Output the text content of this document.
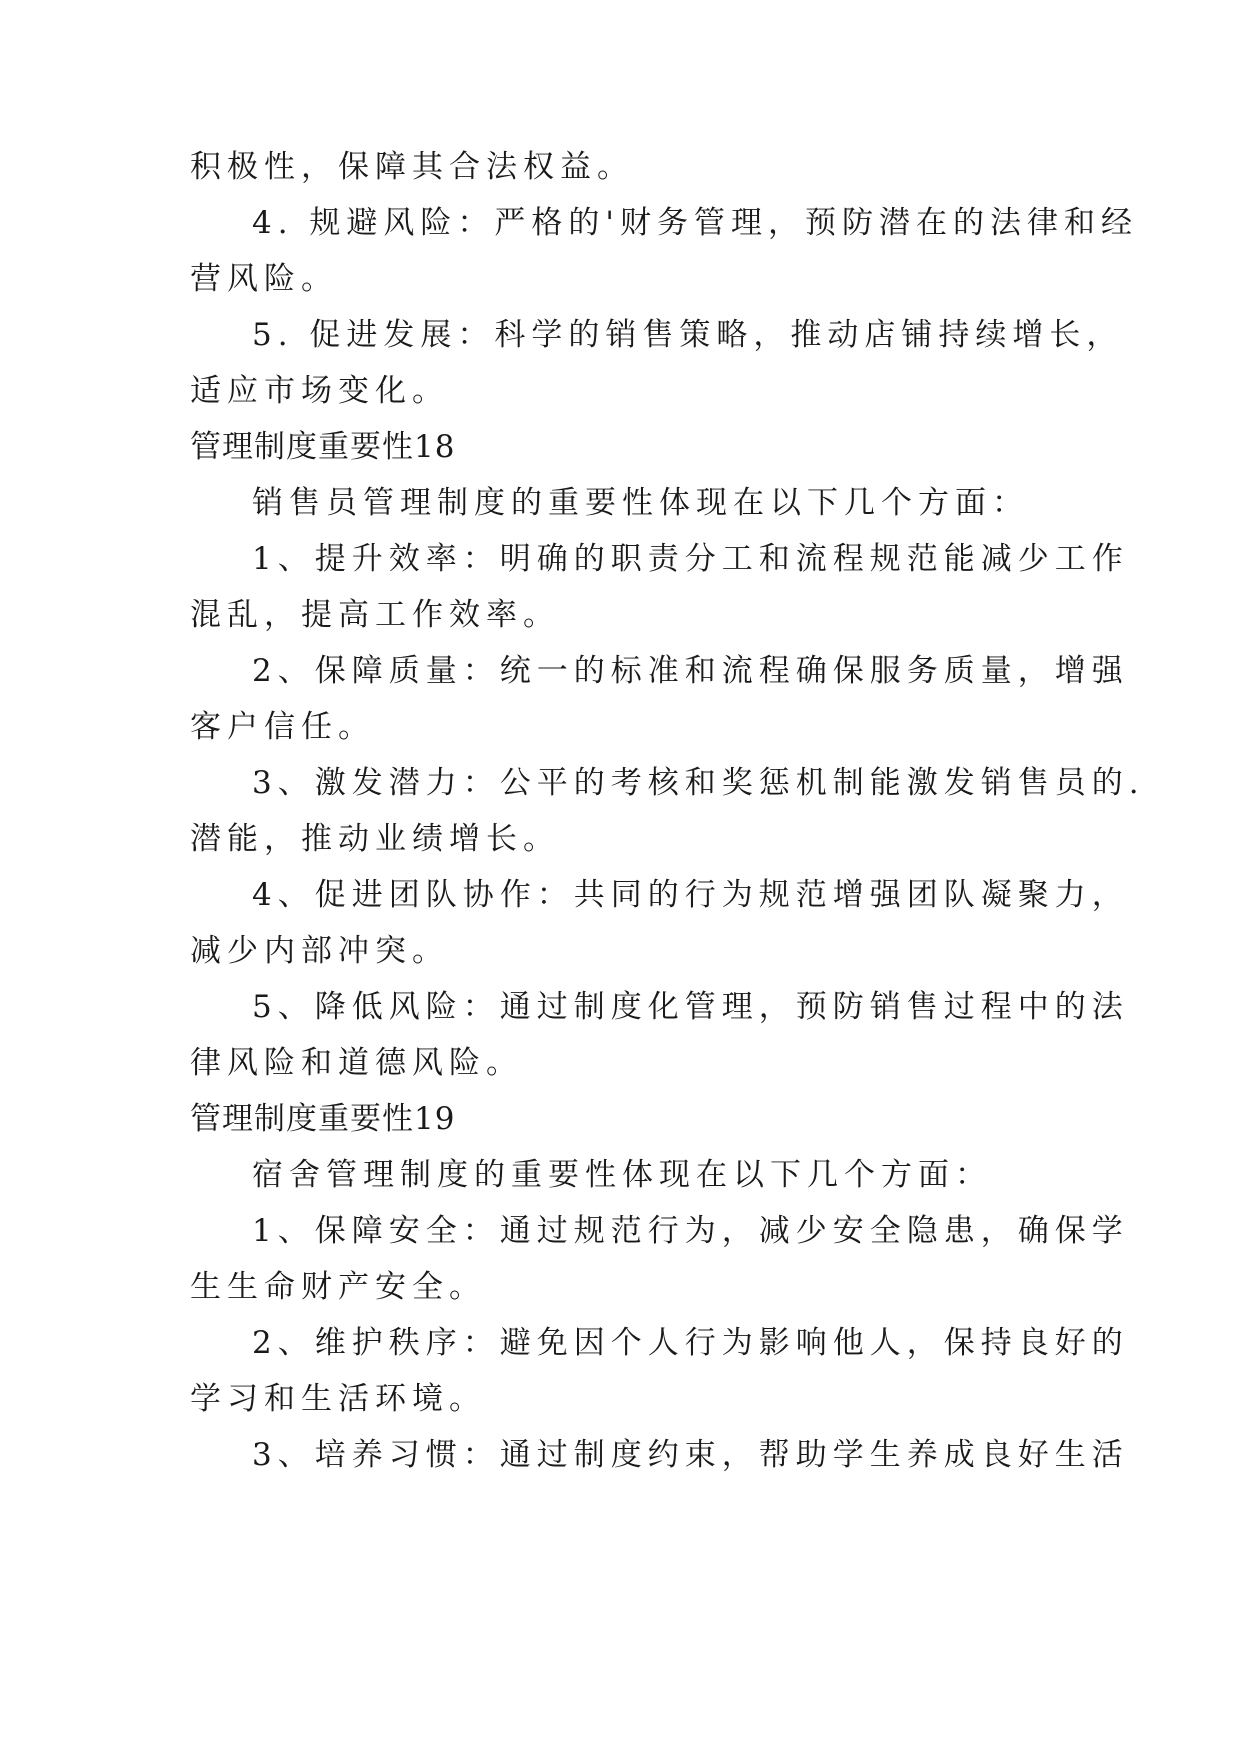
积极性，保障其合法权益。

4. 规避风险：严格的'财务管理，预防潜在的法律和经

营风险。

5. 促进发展：科学的销售策略，推动店铺持续增长，

适应市场变化。

管理制度重要性18

销售员管理制度的重要性体现在以下几个方面：

1、提升效率：明确的职责分工和流程规范能减少工作

混乱，提高工作效率。

2、保障质量：统一的标准和流程确保服务质量，增强

客户信任。

3、激发潜力：公平的考核和奖惩机制能激发销售员的.

潜能，推动业绩增长。

4、促进团队协作：共同的行为规范增强团队凝聚力，

减少内部冲突。

5、降低风险：通过制度化管理，预防销售过程中的法

律风险和道德风险。

管理制度重要性19

宿舍管理制度的重要性体现在以下几个方面：

1、保障安全：通过规范行为，减少安全隐患，确保学

生生命财产安全。

2、维护秩序：避免因个人行为影响他人，保持良好的

学习和生活环境。

3、培养习惯：通过制度约束，帮助学生养成良好生活
